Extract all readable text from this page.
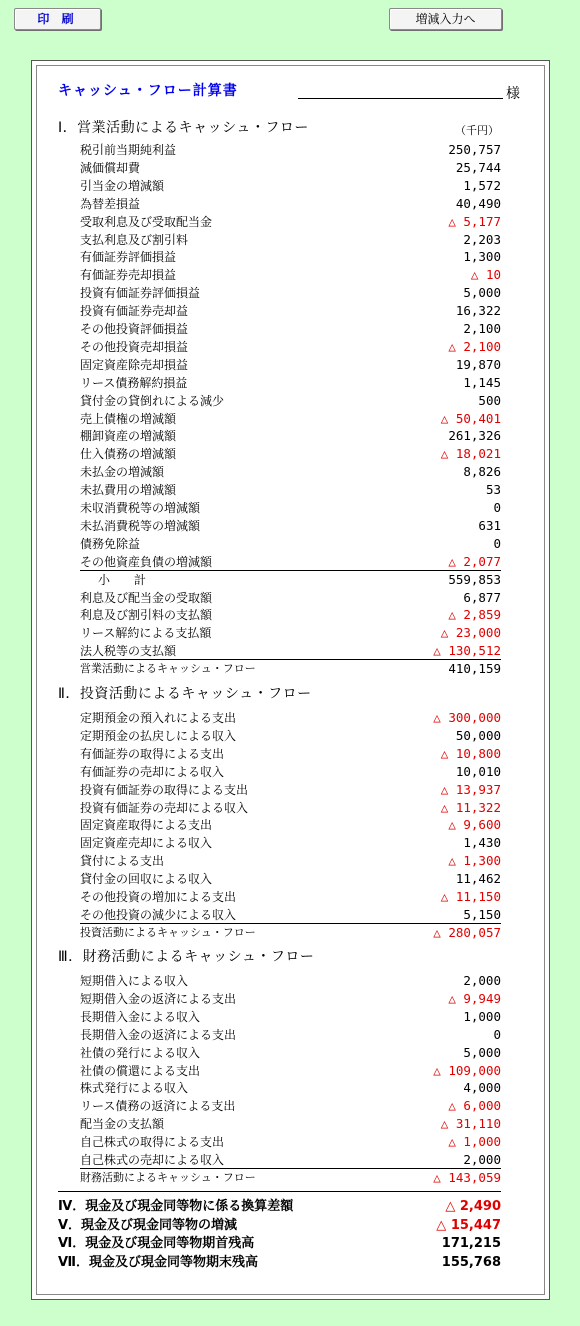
印 刷	増減入力へ
キャッシュ・フロー計算書	様
Ⅰ．営業活動によるキャッシュ・フロー	（千円）
税引前当期純利益	250,757
減価償却費	25,744
引当金の増減額	1,572
為替差損益	40,490
受取利息及び受取配当金	△ 5,177
支払利息及び割引料	2,203
有価証券評価損益	1,300
有価証券売却損益	△ 10
投資有価証券評価損益	5,000
投資有価証券売却益	16,322
その他投資評価損益	2,100
その他投資売却損益	△ 2,100
固定資産除売却損益	19,870
リース債務解約損益	1,145
貸付金の貸倒れによる減少	500
売上債権の増減額	△ 50,401
棚卸資産の増減額	261,326
仕入債務の増減額	△ 18,021
未払金の増減額	8,826
未払費用の増減額	53
未収消費税等の増減額	0
未払消費税等の増減額	631
債務免除益	0
その他資産負債の増減額	△ 2,077
小　計	559,853
利息及び配当金の受取額	6,877
利息及び割引料の支払額	△ 2,859
リース解約による支払額	△ 23,000
法人税等の支払額	△ 130,512
営業活動によるキャッシュ・フロー	410,159
Ⅱ．投資活動によるキャッシュ・フロー
定期預金の預入れによる支出	△ 300,000
定期預金の払戻しによる収入	50,000
有価証券の取得による支出	△ 10,800
有価証券の売却による収入	10,010
投資有価証券の取得による支出	△ 13,937
投資有価証券の売却による収入	△ 11,322
固定資産取得による支出	△ 9,600
固定資産売却による収入	1,430
貸付による支出	△ 1,300
貸付金の回収による収入	11,462
その他投資の増加による支出	△ 11,150
その他投資の減少による収入	5,150
投資活動によるキャッシュ・フロー	△ 280,057
Ⅲ．財務活動によるキャッシュ・フロー
短期借入による収入	2,000
短期借入金の返済による支出	△ 9,949
長期借入金による収入	1,000
長期借入金の返済による支出	0
社債の発行による収入	5,000
社債の償還による支出	△ 109,000
株式発行による収入	4,000
リース債務の返済による支出	△ 6,000
配当金の支払額	△ 31,110
自己株式の取得による支出	△ 1,000
自己株式の売却による収入	2,000
財務活動によるキャッシュ・フロー	△ 143,059
Ⅳ．現金及び現金同等物に係る換算差額	△ 2,490
Ⅴ．現金及び現金同等物の増減	△ 15,447
Ⅵ．現金及び現金同等物期首残高	171,215
Ⅶ．現金及び現金同等物期末残高	155,768
